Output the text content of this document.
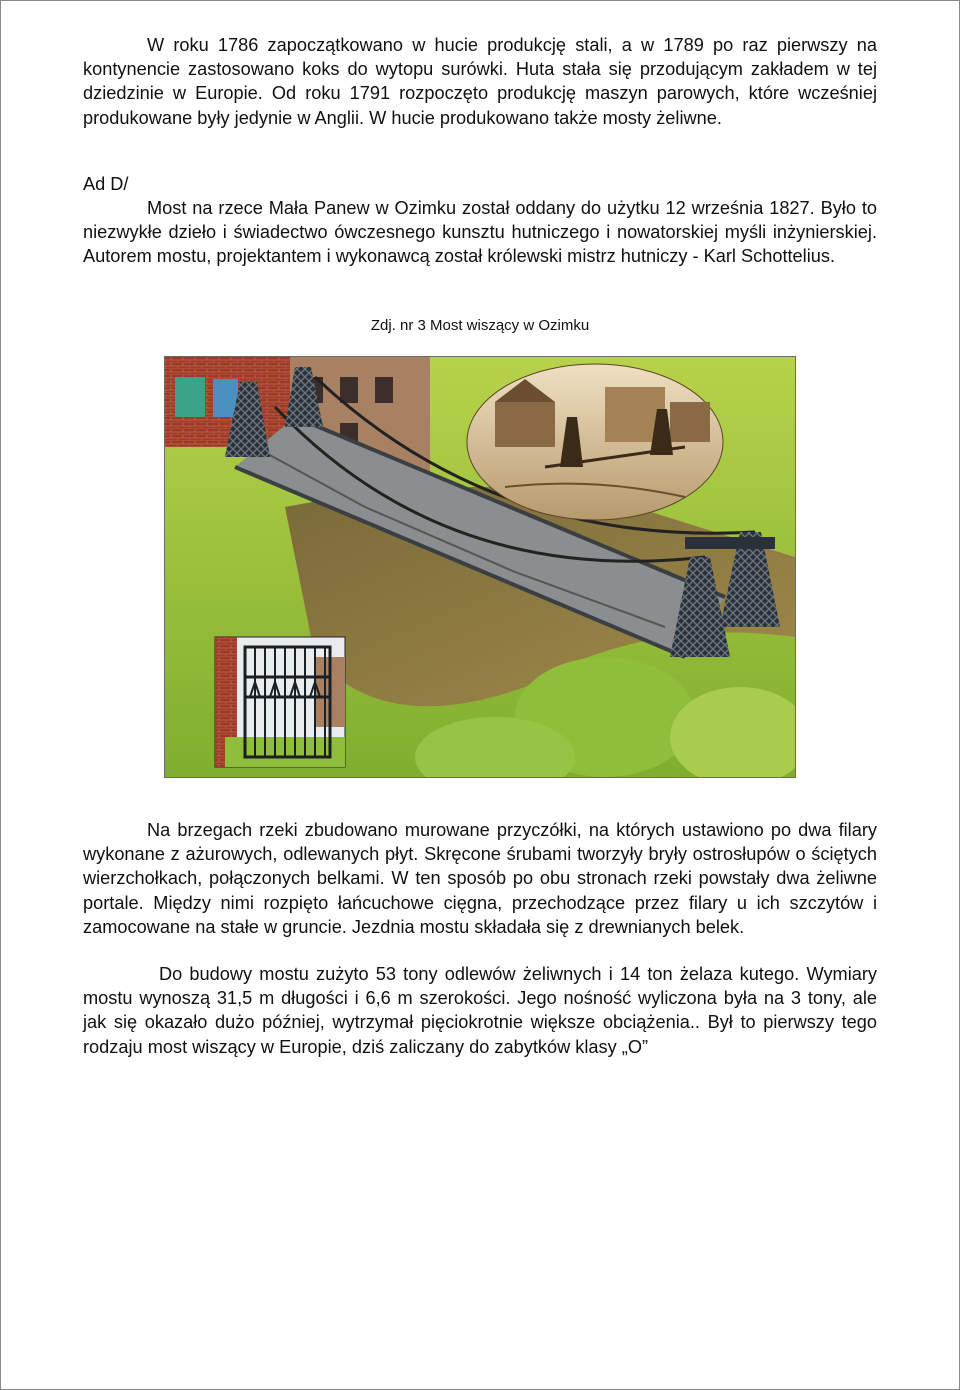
W roku 1786 zapoczątkowano w hucie produkcję stali, a w 1789 po raz pierwszy na kontynencie zastosowano koks do wytopu surówki. Huta stała się przodującym zakładem w tej dziedzinie w Europie. Od roku 1791 rozpoczęto produkcję maszyn parowych, które wcześniej produkowane były jedynie w Anglii. W hucie produkowano także mosty żeliwne.

Ad D/

Most na rzece Mała Panew w Ozimku został oddany do użytku 12 września 1827. Było to niezwykłe dzieło i świadectwo ówczesnego kunsztu hutniczego i nowatorskiej myśli inżynierskiej. Autorem mostu, projektantem i wykonawcą został królewski mistrz hutniczy - Karl Schottelius.

Zdj. nr 3 Most wiszący w Ozimku

Na brzegach rzeki zbudowano murowane przyczółki, na których ustawiono po dwa filary wykonane z ażurowych, odlewanych płyt. Skręcone śrubami tworzyły bryły ostrosłupów o ściętych wierzchołkach, połączonych belkami. W ten sposób po obu stronach rzeki powstały dwa żeliwne portale. Między nimi rozpięto łańcuchowe cięgna, przechodzące przez filary u ich szczytów i zamocowane na stałe w gruncie. Jezdnia mostu składała się z drewnianych belek.

Do budowy mostu zużyto 53 tony odlewów żeliwnych i 14 ton żelaza kutego. Wymiary mostu wynoszą 31,5 m długości i 6,6 m szerokości. Jego nośność wyliczona była na 3 tony, ale jak się okazało dużo później, wytrzymał pięciokrotnie większe obciążenia.. Był to pierwszy tego rodzaju most wiszący w Europie, dziś zaliczany do zabytków klasy „O”
